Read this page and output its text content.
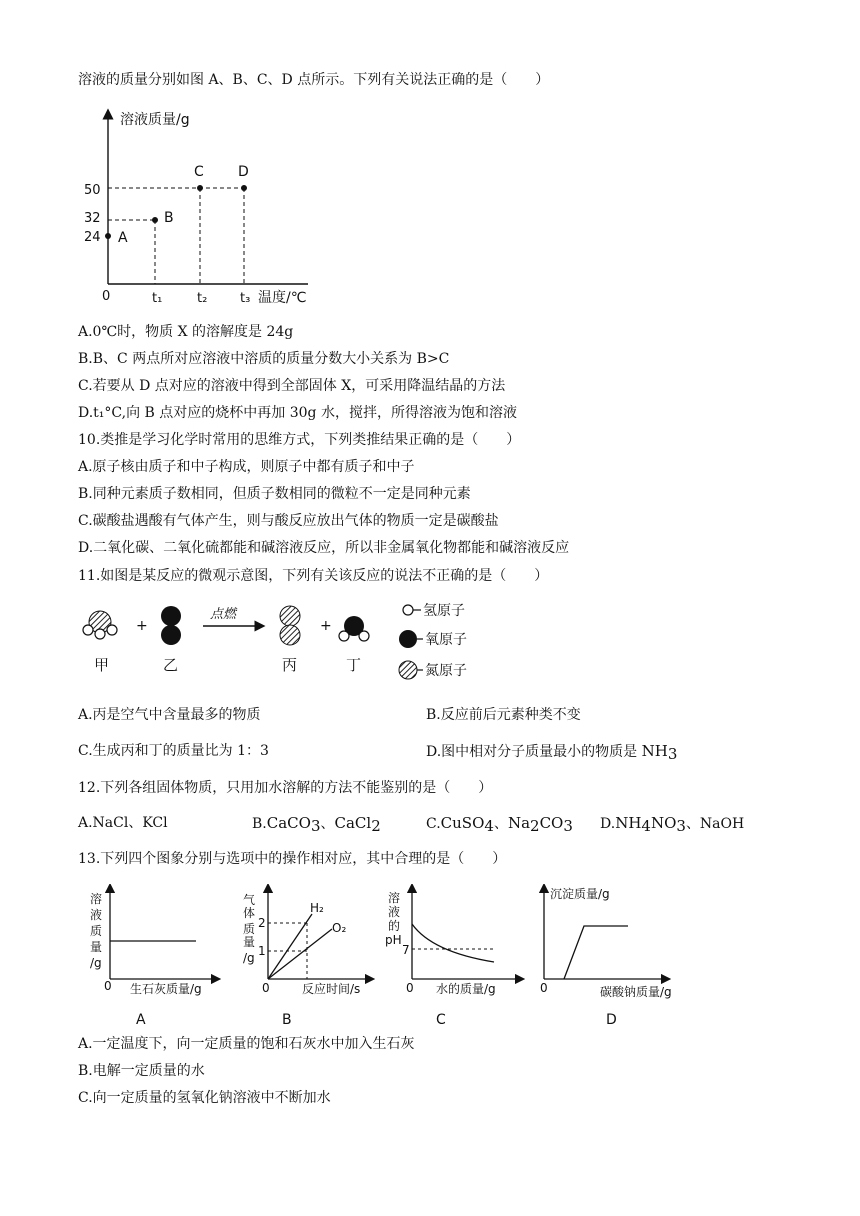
溶液的质量分别如图 A、B、C、D 点所示。下列有关说法正确的是（　　）
溶液质量/g
温度/℃
0
50
32
24
t₁	t₂	t₃
A
B
C D
A.0℃时，物质 X 的溶解度是 24g
B.B、C 两点所对应溶液中溶质的质量分数大小关系为 B>C
C.若要从 D 点对应的溶液中得到全部固体 X，可采用降温结晶的方法
D.t₁°C,向 B 点对应的烧杯中再加 30g 水，搅拌，所得溶液为饱和溶液
10.类推是学习化学时常用的思维方式，下列类推结果正确的是（　　）
A.原子核由质子和中子构成，则原子中都有质子和中子
B.同种元素质子数相同，但质子数相同的微粒不一定是同种元素
C.碳酸盐遇酸有气体产生，则与酸反应放出气体的物质一定是碳酸盐
D.二氧化碳、二氧化硫都能和碱溶液反应，所以非金属氧化物都能和碱溶液反应
11.如图是某反应的微观示意图，下列有关该反应的说法不正确的是（　　）
甲
+
乙
点燃
丙
+
丁
氢原子
氧原子
氮原子
A.丙是空气中含量最多的物质	B.反应前后元素种类不变
C.生成丙和丁的质量比为 1：3	D.图中相对分子质量最小的物质是 $NH_3$
12.下列各组固体物质，只用加水溶解的方法不能鉴别的是（　　）
A.NaCl、KCl	B.CaCO$_3$、CaCl$_2$	C.CuSO$_4$、$Na_2CO_3$ $D.NH_4NO_3$、NaOH
13.下列四个图象分别与选项中的操作相对应，其中合理的是（　　）
溶
液
质
量
/g
0 生石灰质量/g
A
气
体
质
量
/g
2
1
H₂
O₂
0	反应时间/s
B
溶
液
的
pH
7
0 水的质量/g
C
沉淀质量/g
0	碳酸钠质量/g
D
A.一定温度下，向一定质量的饱和石灰水中加入生石灰
B.电解一定质量的水
C.向一定质量的氢氧化钠溶液中不断加水
